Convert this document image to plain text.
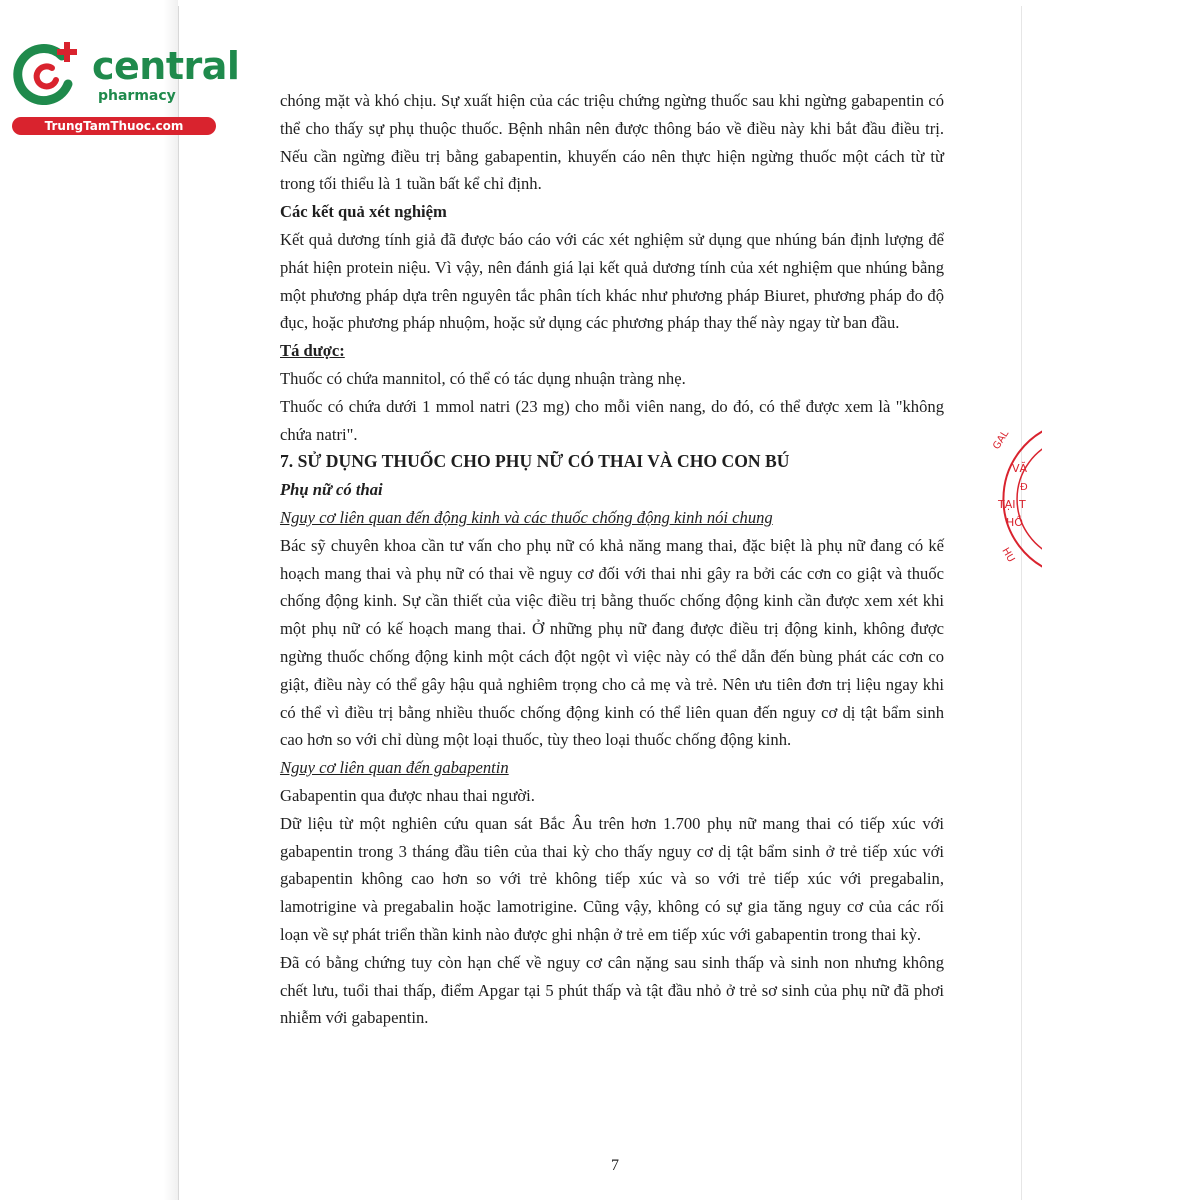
central
pharmacy
TrungTamThuoc.com
GAL
VĂ
Đ
TẠI T
HỒ
HU

chóng mặt và khó chịu. Sự xuất hiện của các triệu chứng ngừng thuốc sau khi ngừng gabapentin có thể cho thấy sự phụ thuộc thuốc. Bệnh nhân nên được thông báo về điều này khi bắt đầu điều trị. Nếu cần ngừng điều trị bằng gabapentin, khuyến cáo nên thực hiện ngừng thuốc một cách từ từ trong tối thiểu là 1 tuần bất kể chỉ định.

Các kết quả xét nghiệm

Kết quả dương tính giả đã được báo cáo với các xét nghiệm sử dụng que nhúng bán định lượng để phát hiện protein niệu. Vì vậy, nên đánh giá lại kết quả dương tính của xét nghiệm que nhúng bằng một phương pháp dựa trên nguyên tắc phân tích khác như phương pháp Biuret, phương pháp đo độ đục, hoặc phương pháp nhuộm, hoặc sử dụng các phương pháp thay thế này ngay từ ban đầu.

Tá dược:

Thuốc có chứa mannitol, có thể có tác dụng nhuận tràng nhẹ.

Thuốc có chứa dưới 1 mmol natri (23 mg) cho mỗi viên nang, do đó, có thể được xem là "không chứa natri".

7. SỬ DỤNG THUỐC CHO PHỤ NỮ CÓ THAI VÀ CHO CON BÚ

Phụ nữ có thai

Nguy cơ liên quan đến động kinh và các thuốc chống động kinh nói chung

Bác sỹ chuyên khoa cần tư vấn cho phụ nữ có khả năng mang thai, đặc biệt là phụ nữ đang có kế hoạch mang thai và phụ nữ có thai về nguy cơ đối với thai nhi gây ra bởi các cơn co giật và thuốc chống động kinh. Sự cần thiết của việc điều trị bằng thuốc chống động kinh cần được xem xét khi một phụ nữ có kế hoạch mang thai. Ở những phụ nữ đang được điều trị động kinh, không được ngừng thuốc chống động kinh một cách đột ngột vì việc này có thể dẫn đến bùng phát các cơn co giật, điều này có thể gây hậu quả nghiêm trọng cho cả mẹ và trẻ. Nên ưu tiên đơn trị liệu ngay khi có thể vì điều trị bằng nhiều thuốc chống động kinh có thể liên quan đến nguy cơ dị tật bẩm sinh cao hơn so với chỉ dùng một loại thuốc, tùy theo loại thuốc chống động kinh.

Nguy cơ liên quan đến gabapentin

Gabapentin qua được nhau thai người.

Dữ liệu từ một nghiên cứu quan sát Bắc Âu trên hơn 1.700 phụ nữ mang thai có tiếp xúc với gabapentin trong 3 tháng đầu tiên của thai kỳ cho thấy nguy cơ dị tật bẩm sinh ở trẻ tiếp xúc với gabapentin không cao hơn so với trẻ không tiếp xúc và so với trẻ tiếp xúc với pregabalin, lamotrigine và pregabalin hoặc lamotrigine. Cũng vậy, không có sự gia tăng nguy cơ của các rối loạn về sự phát triển thần kinh nào được ghi nhận ở trẻ em tiếp xúc với gabapentin trong thai kỳ.

Đã có bằng chứng tuy còn hạn chế về nguy cơ cân nặng sau sinh thấp và sinh non nhưng không chết lưu, tuổi thai thấp, điểm Apgar tại 5 phút thấp và tật đầu nhỏ ở trẻ sơ sinh của phụ nữ đã phơi nhiễm với gabapentin.

7
